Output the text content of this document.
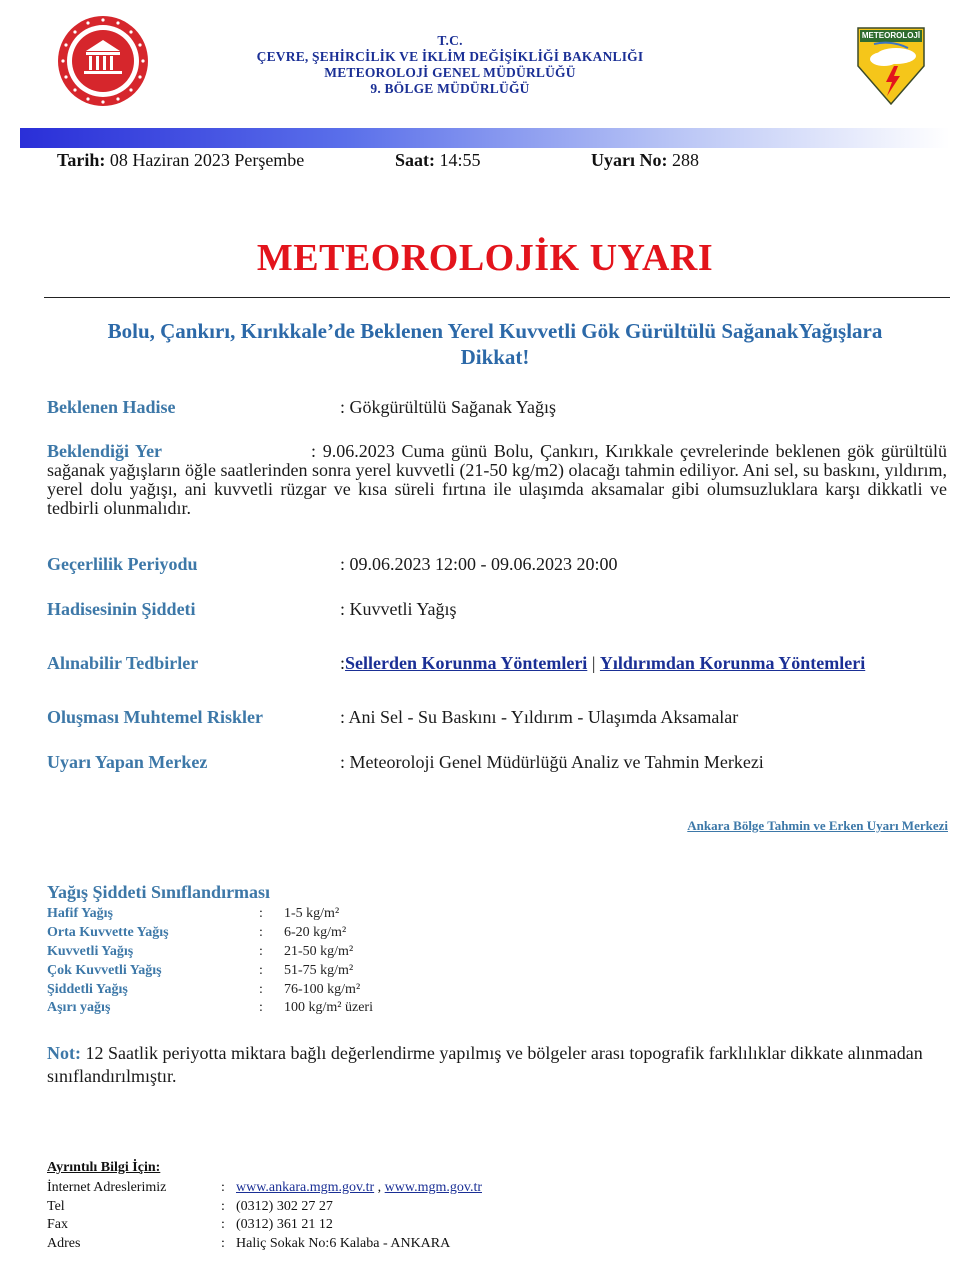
T.C.
ÇEVRE, ŞEHİRCİLİK VE İKLİM DEĞİŞİKLİĞİ BAKANLIĞI
METEOROLOJİ GENEL MÜDÜRLÜĞÜ
9. BÖLGE MÜDÜRLÜĞÜ
METEOROLOJİ
Tarih: 08 Haziran 2023 Perşembe	Saat: 14:55	Uyarı No: 288
METEOROLOJİK UYARI
Bolu, Çankırı, Kırıkkale’de Beklenen Yerel Kuvvetli Gök Gürültülü SağanakYağışlara
Dikkat!
Beklenen Hadise	: Gökgürültülü Sağanak Yağış
Beklendiği Yer	: 9.06.2023 Cuma günü Bolu, Çankırı, Kırıkkale çevrelerinde beklenen gök gürültülü sağanak yağışların öğle saatlerinden sonra yerel kuvvetli (21-50 kg/m2) olacağı tahmin ediliyor. Ani sel, su baskını, yıldırım, yerel dolu yağışı, ani kuvvetli rüzgar ve kısa süreli fırtına ile ulaşımda aksamalar gibi olumsuzluklara karşı dikkatli ve tedbirli olunmalıdır.
Geçerlilik Periyodu	: 09.06.2023 12:00 - 09.06.2023 20:00
Hadisesinin Şiddeti	: Kuvvetli Yağış
Alınabilir Tedbirler	:Sellerden Korunma Yöntemleri | Yıldırımdan Korunma Yöntemleri
Oluşması Muhtemel Riskler	: Ani Sel - Su Baskını - Yıldırım - Ulaşımda Aksamalar
Uyarı Yapan Merkez	: Meteoroloji Genel Müdürlüğü Analiz ve Tahmin Merkezi
Ankara Bölge Tahmin ve Erken Uyarı Merkezi
Yağış Şiddeti Sınıflandırması
Hafif Yağış	: 1-5 kg/m²
Orta Kuvvette Yağış	: 6-20 kg/m²
Kuvvetli Yağış	: 21-50 kg/m²
Çok Kuvvetli Yağış	: 51-75 kg/m²
Şiddetli Yağış	: 76-100 kg/m²
Aşırı yağış	: 100 kg/m² üzeri
Not: 12 Saatlik periyotta miktara bağlı değerlendirme yapılmış ve bölgeler arası topografik farklılıklar dikkate alınmadan sınıflandırılmıştır.
Ayrıntılı Bilgi İçin:
İnternet Adreslerimiz	: www.ankara.mgm.gov.tr , www.mgm.gov.tr
Tel	: (0312) 302 27 27
Fax	: (0312) 361 21 12
Adres	: Haliç Sokak No:6 Kalaba - ANKARA
